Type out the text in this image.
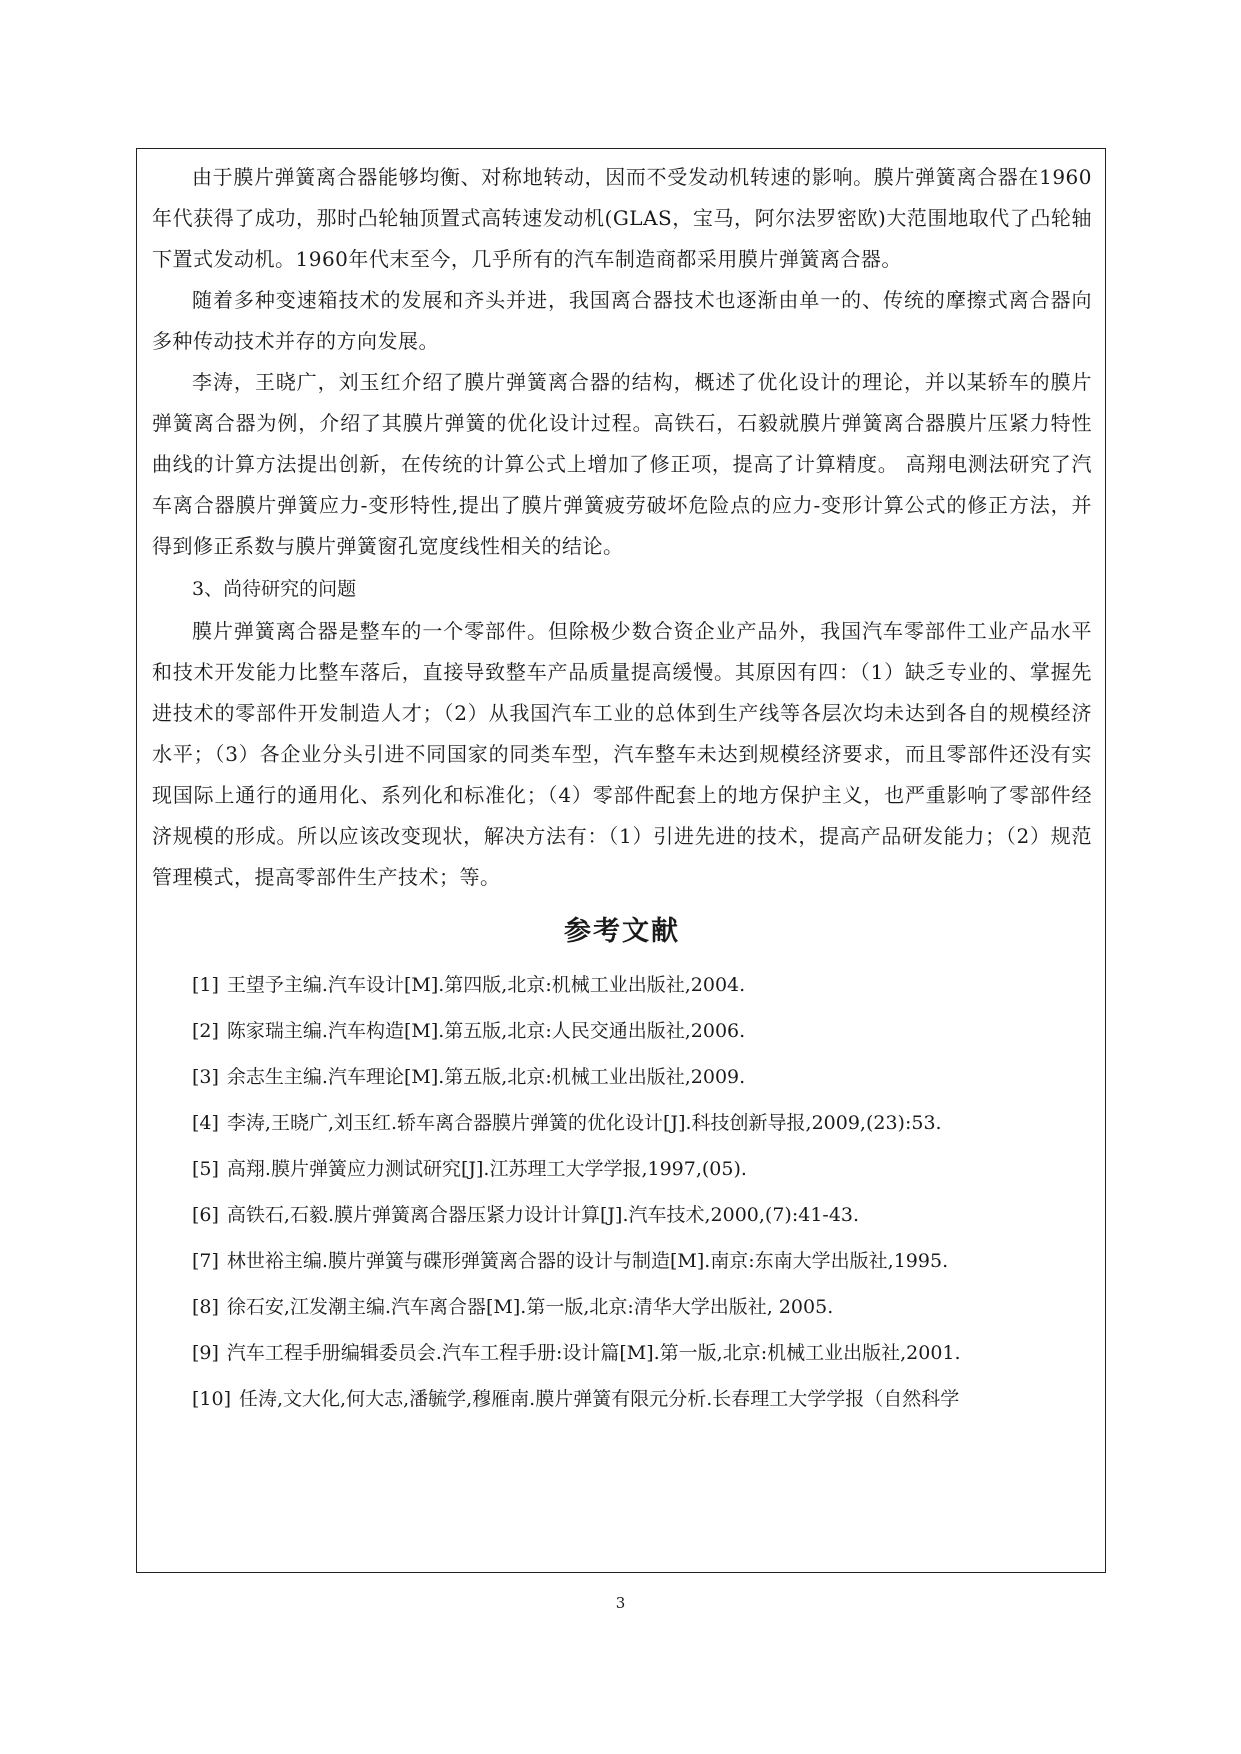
由于膜片弹簧离合器能够均衡、对称地转动，因而不受发动机转速的影响。膜片弹簧离合器在1960年代获得了成功，那时凸轮轴顶置式高转速发动机(GLAS，宝马，阿尔法罗密欧)大范围地取代了凸轮轴下置式发动机。1960年代末至今，几乎所有的汽车制造商都采用膜片弹簧离合器。

随着多种变速箱技术的发展和齐头并进，我国离合器技术也逐渐由单一的、传统的摩擦式离合器向多种传动技术并存的方向发展。

李涛，王晓广，刘玉红介绍了膜片弹簧离合器的结构，概述了优化设计的理论，并以某轿车的膜片弹簧离合器为例，介绍了其膜片弹簧的优化设计过程。高铁石，石毅就膜片弹簧离合器膜片压紧力特性曲线的计算方法提出创新，在传统的计算公式上增加了修正项，提高了计算精度。 高翔电测法研究了汽车离合器膜片弹簧应力-变形特性,提出了膜片弹簧疲劳破坏危险点的应力-变形计算公式的修正方法，并得到修正系数与膜片弹簧窗孔宽度线性相关的结论。

3、尚待研究的问题

膜片弹簧离合器是整车的一个零部件。但除极少数合资企业产品外，我国汽车零部件工业产品水平和技术开发能力比整车落后，直接导致整车产品质量提高缓慢。其原因有四：（1）缺乏专业的、掌握先进技术的零部件开发制造人才；（2）从我国汽车工业的总体到生产线等各层次均未达到各自的规模经济水平；（3）各企业分头引进不同国家的同类车型，汽车整车未达到规模经济要求，而且零部件还没有实现国际上通行的通用化、系列化和标准化；（4）零部件配套上的地方保护主义，也严重影响了零部件经济规模的形成。所以应该改变现状，解决方法有：（1）引进先进的技术，提高产品研发能力；（2）规范管理模式，提高零部件生产技术；等。

参考文献
[1] 王望予主编.汽车设计[M].第四版,北京:机械工业出版社,2004.
[2] 陈家瑞主编.汽车构造[M].第五版,北京:人民交通出版社,2006.
[3] 余志生主编.汽车理论[M].第五版,北京:机械工业出版社,2009.
[4] 李涛,王晓广,刘玉红.轿车离合器膜片弹簧的优化设计[J].科技创新导报,2009,(23):53.
[5] 高翔.膜片弹簧应力测试研究[J].江苏理工大学学报,1997,(05).
[6] 高铁石,石毅.膜片弹簧离合器压紧力设计计算[J].汽车技术,2000,(7):41-43.
[7] 林世裕主编.膜片弹簧与碟形弹簧离合器的设计与制造[M].南京:东南大学出版社,1995.
[8] 徐石安,江发潮主编.汽车离合器[M].第一版,北京:清华大学出版社, 2005.
[9] 汽车工程手册编辑委员会.汽车工程手册:设计篇[M].第一版,北京:机械工业出版社,2001.
[10] 任涛,文大化,何大志,潘毓学,穆雁南.膜片弹簧有限元分析.长春理工大学学报（自然科学
3
